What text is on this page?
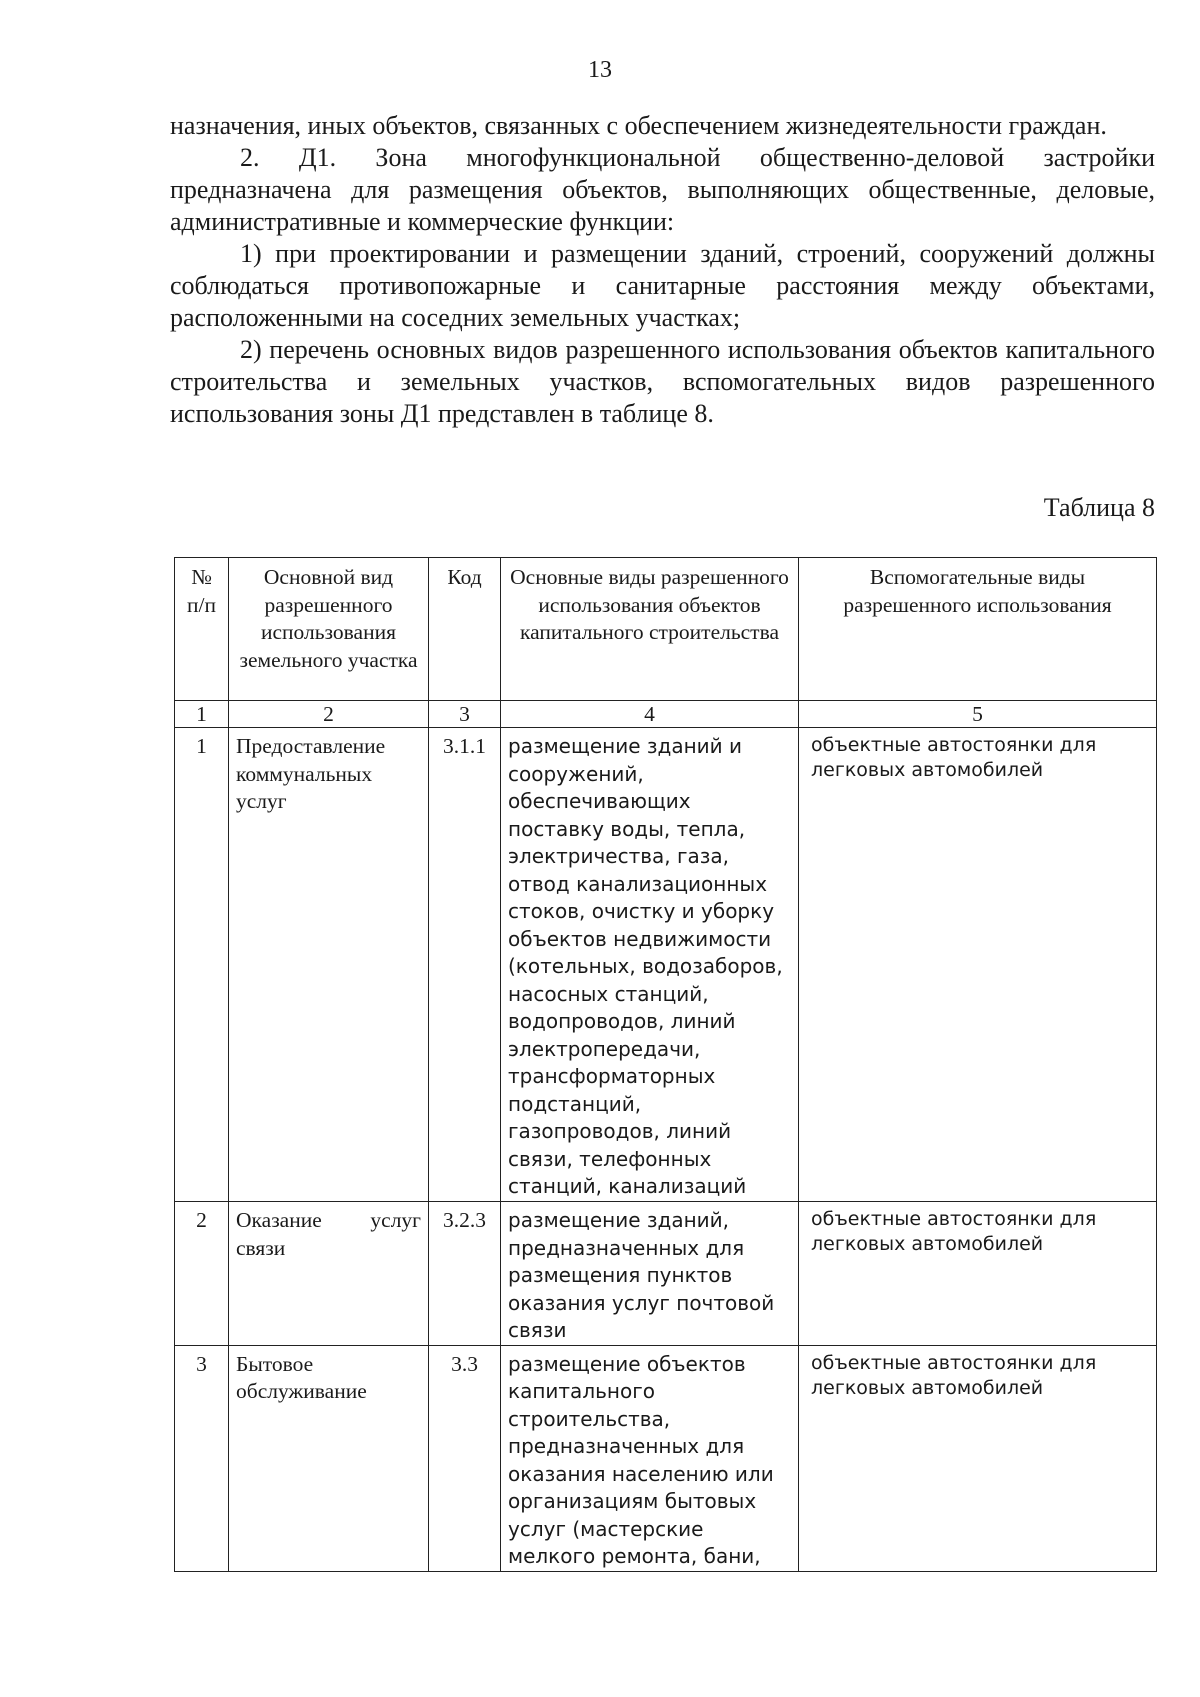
13

назначения, иных объектов, связанных с обеспечением жизнедеятельности граждан.

2. Д1. Зона многофункциональной общественно-деловой застройки предназначена для размещения объектов, выполняющих общественные, деловые, административные и коммерческие функции:

1) при проектировании и размещении зданий, строений, сооружений должны соблюдаться противопожарные и санитарные расстояния между объектами, расположенными на соседних земельных участках;

2) перечень основных видов разрешенного использования объектов капитального строительства и земельных участков, вспомогательных видов разрешенного использования зоны Д1 представлен в таблице 8.

Таблица 8
№ п/п	Основной вид разрешенного использования земельного участка	Код	Основные виды разрешенного использования объектов капитального строительства	Вспомогательные виды разрешенного использования
1	2	3	4	5
1	Предоставление коммунальных услуг	3.1.1	размещение зданий и сооружений, обеспечивающих поставку воды, тепла, электричества, газа, отвод канализационных стоков, очистку и уборку объектов недвижимости (котельных, водозаборов, насосных станций, водопроводов, линий электропередачи, трансформаторных подстанций, газопроводов, линий связи, телефонных станций, канализаций	объектные автостоянки для легковых автомобилей
2	Оказание услуг связи	3.2.3	размещение зданий, предназначенных для размещения пунктов оказания услуг почтовой связи	объектные автостоянки для легковых автомобилей
3	Бытовое обслуживание	3.3	размещение объектов капитального строительства, предназначенных для оказания населению или организациям бытовых услуг (мастерские мелкого ремонта, бани,	объектные автостоянки для легковых автомобилей
